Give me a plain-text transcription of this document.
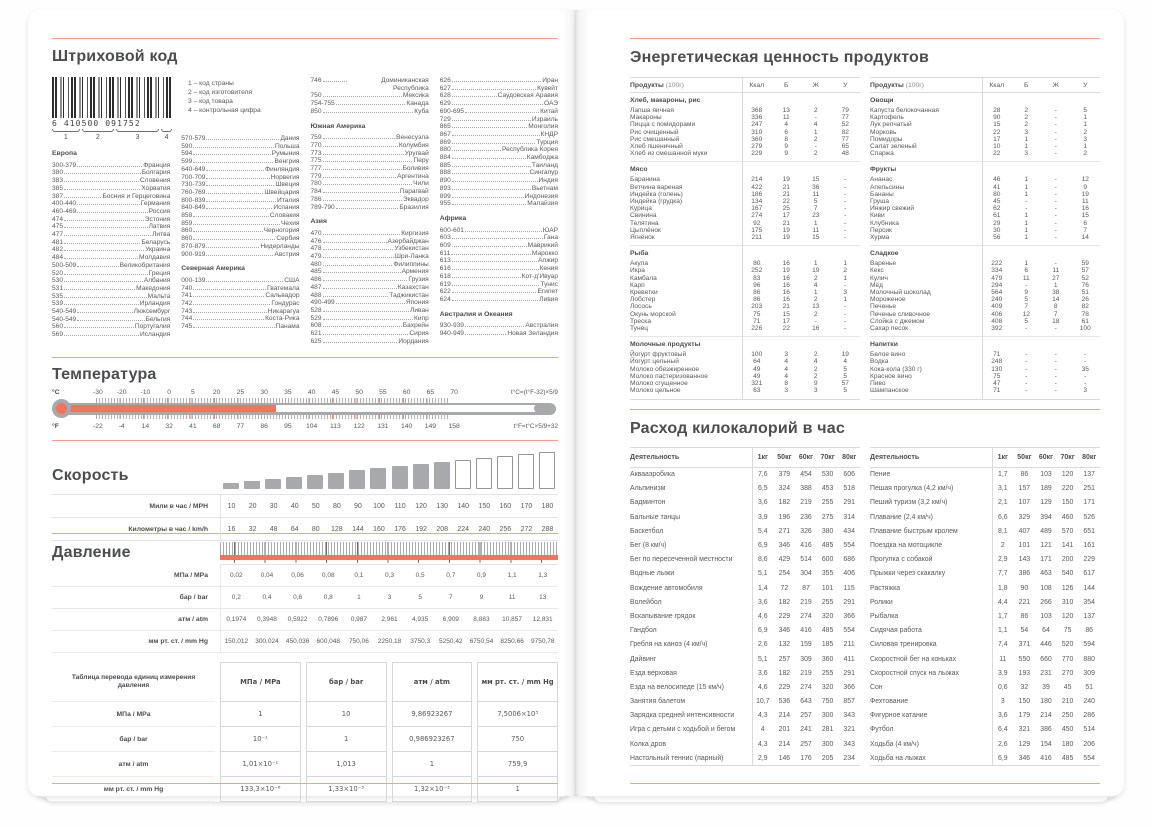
Штриховой код
6 410500 091752
1	2	3	4
Европа
300-379	Франция
380	Болгария
383	Словения
385	Хорватия
387	Босния и Герцеговина
400-440	Германия
460-469	Россия
474	Эстония
475	Латвия
477	Литва
481	Беларусь
482	Украина
484	Молдавия
500-509	Великобритания
520	Греция
530	Албания
531	Македония
535	Мальта
539	Ирландия
540-549	Люксембург
540-549	Бельгия
560	Португалия
569	Исландия
570-579	Дания
590	Польша
594	Румыния
599	Венгрия
640-649	Финляндия
700-709	Норвегия
730-739	Швеция
760-769	Швейцария
800-839	Италия
840-849	Испания
858	Словакия
859	Чехия
860	Черногория
860	Сербия
870-879	Нидерланды
900-919	Австрия
Северная Америка
000-139	США
740	Гватемала
741	Сальвадор
742	Гондурас
743	Никарагуа
744	Коста-Рика
745	Панама
746	Доминиканская Республика
750	Мексика
754-755	Канада
850	Куба
Южная Америка
759	Венесуэла
770	Колумбия
773	Уругвай
775	Перу
777	Боливия
779	Аргентина
780	Чили
784	Парагвай
786	Эквадор
789-790	Бразилия
Азия
470	Киргизия
476	Азербайджан
478	Узбекистан
479	Шри-Ланка
480	Филиппины
485	Армения
486	Грузия
487	Казахстан
488	Таджикистан
490-499	Япония
528	Ливан
529	Кипр
608	Бахрейн
621	Сирия
625	Иордания
626	Иран
627	Кувейт
628	Саудовская Аравия
629	ОАЭ
690-695	Китай
729	Израиль
865	Монголия
867	КНДР
869	Турция
880	Республика Корея
884	Камбоджа
885	Таиланд
888	Сингапур
890	Индия
893	Вьетнам
899	Индонезия
955	Малайзия
Африка
600-601	ЮАР
603	Гана
609	Маврикий
611	Марокко
613	Алжир
616	Кения
618	Кот-д'Ивуар
619	Тунис
622	Египет
624	Ливия
Австралия и Океания
930-939	Австралия
940-949	Новая Зеландия
1 – код страны
2 – код изготовителя
3 – код товара
4 – контрольная цифра
Температура
°C	-30	-20	-10	0	5	20	25	30	35	40	45	50	55	60	65	70	t°C=(t°F-32)×5/9
°F	-22	-4	14	32	41	68	77	86	95	104	113	122	131	140	149	158	t°F=t°C×5/9+32
Скорость
Мили в час / MPH	10	20	30	40	50	80	90	100	110	120	130	140	150	160	170	180
Километры в час / km/h	16	32	48	64	80	128	144	160	176	192	208	224	240	256	272	288
Давление
МПа / MPa	0,02	0,04	0,06	0,08	0,1	0,3	0,5	0,7	0,9	1,1	1,3
бар / bar	0,2	0,4	0,6	0,8	1	3	5	7	9	11	13
атм / atm	0,1974	0,3948	0,5922	0,7896	0,987	2,961	4,935	6,909	8,883	10,857	12,831
мм рт. ст. / mm Hg	150,012	300,024	450,036	600,048	750,06	2250,18	3750,3	5250,42	6750,54	8250,66	9750,78
Таблица перевода единиц измерения давления	МПа / MPa	бар / bar	атм / atm	мм рт. ст. / mm Hg
МПа / MPa	1	10	9,86923267	7,5006×10³
бар / bar	10⁻¹	1	0,986923267	750
атм / atm	1,01×10⁻¹	1,013	1	759,9
мм рт. ст. / mm Hg	133,3×10⁻⁶	1,33×10⁻³	1,32×10⁻³	1
Энергетическая ценность продуктов
Продукты (100г)	Ккал	Б	Ж	У
Хлеб, макароны, рис
Лапша яичная	368	13	2	79
Макароны	336	11	-	77
Пицца с помидорами	247	4	4	52
Рис очищенный	310	6	1	82
Рис смешанный	360	8	2	77
Хлеб пшеничный	279	9	-	65
Хлеб из смешанной муки	229	9	2	48
Мясо
Баранина	214	19	15	-
Ветчина вареная	422	21	36	-
Индейка (голень)	186	21	11	-
Индейка (грудка)	134	22	5	-
Курица	167	25	7	-
Свинина	274	17	23	-
Телятина	92	21	1	-
Цыплёнок	175	19	11	-
Ягнёнок	211	19	15	-
Рыба
Акула	80	16	1	1
Икра	252	19	19	2
Камбала	83	16	2	1
Карп	96	16	4	-
Креветки	86	16	1	3
Лобстер	86	16	2	1
Лосось	203	21	13	-
Окунь морской	75	15	2	-
Треска	71	17	-	-
Тунец	226	22	16	-
Молочные продукты
Йогурт фруктовый	100	3	2	19
Йогурт цельный	64	4	4	4
Молоко обезжиренное	49	4	2	5
Молоко пастеризованное	49	4	2	5
Молоко сгущенное	321	8	9	57
Молоко цельное	63	3	3	5
Продукты (100г)	Ккал	Б	Ж	У
Овощи
Капуста белокочанная	28	2	-	5
Картофель	90	2	-	1
Лук репчатый	15	2	-	1
Морковь	22	3	-	2
Помидоры	17	1	-	3
Салат зеленый	10	1	-	1
Спаржа	22	3	-	2
Фрукты
Ананас	46	1	-	12
Апельсины	41	1	-	9
Бананы	80	1	-	19
Груша	45	-	-	11
Инжир свежий	62	-	-	16
Киви	61	1	-	15
Клубника	29	1	-	6
Персик	30	1	-	7
Хурма	56	1	-	14
Сладкое
Варенье	222	1	-	59
Кекс	334	6	11	57
Кулич	479	11	27	52
Мёд	294	-	1	76
Молочный шоколад	564	9	38	51
Мороженое	240	5	14	26
Печенье	409	7	8	82
Печенье сливочное	406	12	7	78
Слойка с джемом	408	5	18	61
Сахар песок	392	-	-	100
Напитки
Белое вино	71	-	-	-
Водка	248	-	-	-
Кока-кола (330 г)	130	-	-	35
Красное вино	75	-	-	-
Пиво	47	-	-	-
Шампанское	71	-	-	3
Расход килокалорий в час
Деятельность	1кг	50кг	60кг	70кг	80кг
Аквааэробика	7,6	379	454	530	606
Альпинизм	6,5	324	388	453	518
Бадминтон	3,6	182	219	255	291
Бальные танцы	3,9	196	236	275	314
Баскетбол	5,4	271	326	380	434
Бег (8 км/ч)	6,9	346	416	485	554
Бег по пересеченной местности	8,6	429	514	600	686
Водные лыжи	5,1	254	304	355	406
Вождение автомобиля	1,4	72	87	101	115
Волейбол	3,6	182	219	255	291
Вскапывание грядок	4,6	229	274	320	366
Гандбол	6,9	346	416	485	554
Гребля на каноэ (4 км/ч)	2,6	132	159	185	211
Дайвинг	5,1	257	309	360	411
Езда верховая	3,6	182	219	255	291
Езда на велосипеде (15 км/ч)	4,6	229	274	320	366
Занятия балетом	10,7	536	643	750	857
Зарядка средней интенсивности	4,3	214	257	300	343
Игра с детьми с ходьбой и бегом	4	201	241	281	321
Колка дров	4,3	214	257	300	343
Настольный теннис (парный)	2,9	146	176	205	234
Деятельность	1кг	50кг	60кг	70кг	80кг
Пение	1,7	86	103	120	137
Пешая прогулка (4,2 км/ч)	3,1	157	189	220	251
Пеший туризм (3,2 км/ч)	2,1	107	129	150	171
Плавание (2,4 км/ч)	6,6	329	394	460	526
Плавание быстрым кролем	8,1	407	489	570	651
Поездка на мотоцикле	2	101	121	141	161
Прогулка с собакой	2,9	143	171	200	229
Прыжки через скакалку	7,7	386	463	540	617
Растяжка	1,8	90	108	126	144
Ролики	4,4	221	266	310	354
Рыбалка	1,7	86	103	120	137
Сидячая работа	1,1	54	64	75	86
Силовая тренировка	7,4	371	446	520	594
Скоростной бег на коньках	11	550	660	770	880
Скоростной спуск на лыжах	3,9	193	231	270	309
Сон	0,6	32	39	45	51
Фехтование	3	150	180	210	240
Фигурное катание	3,6	179	214	250	286
Футбол	6,4	321	386	450	514
Ходьба (4 км/ч)	2,6	129	154	180	206
Ходьба на лыжах	6,9	346	416	485	554
